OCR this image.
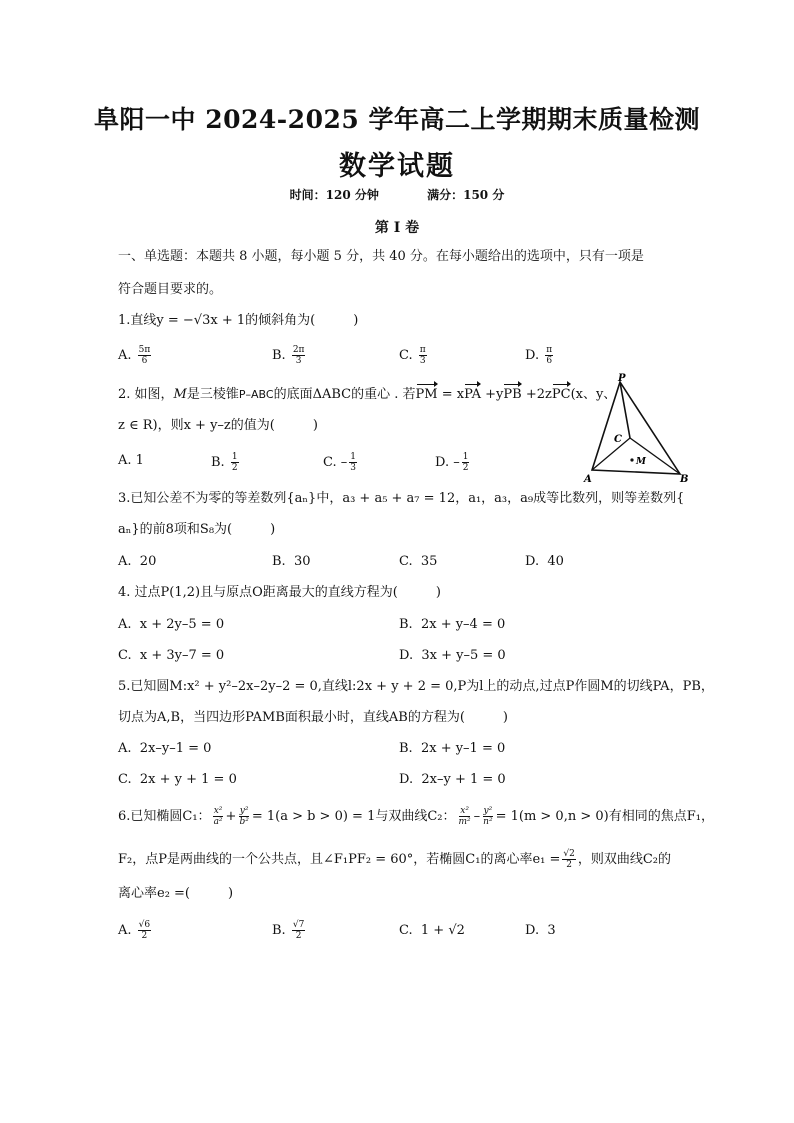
阜阳一中 2024-2025 学年高二上学期期末质量检测
数学试题
时间：120 分钟	满分：150 分
第 I 卷
一、单选题：本题共 8 小题，每小题 5 分，共 40 分。在每小题给出的选项中，只有一项是
符合题目要求的。
1.直线y = −√3x + 1的倾斜角为(	)
A. $\frac{5\pi}{6}$	B. $\frac{2\pi}{3}$	C. $\frac{\pi}{3}$	D. $\frac{\pi}{6}$
2. 如图，M是三棱锥P–ABC的底面ΔABC的重心 . 若PM = xPA +yPB +2zPC(x、y、
z ∈ R)，则x + y–z的值为(	)
A. 1	B. $\frac{1}{2}$	C. – $\frac{1}{3}$	D. – $\frac{1}{2}$
P
C
M
A	B
3.已知公差不为零的等差数列{aₙ}中，a₃ + a₅ + a₇ = 12，a₁，a₃，a₉成等比数列，则等差数列{
aₙ}的前8项和S₈为(	)
A. 20	B. 30	C. 35	D. 40
4. 过点P(1,2)且与原点O距离最大的直线方程为(	)
A. x + 2y–5 = 0	B. 2x + y–4 = 0
C. x + 3y–7 = 0	D. 3x + y–5 = 0
5.已知圆M:x² + y²–2x–2y–2 = 0,直线l:2x + y + 2 = 0,P为l上的动点,过点P作圆M的切线PA，PB，
切点为A,B，当四边形PAMB面积最小时，直线AB的方程为(	)
A. 2x–y–1 = 0	B. 2x + y–1 = 0
C. 2x + y + 1 = 0	D. 2x–y + 1 = 0
6.已知椭圆C₁： $\frac{\text{x²}}{\text{a²}} + \frac{\text{y²}}{\text{b²}} = 1(a > b > 0) = 1$与双曲线C₂： $\frac{\text{x²}}{\text{m²}} - \frac{\text{y²}}{\text{n²}} = 1(m > 0,n > 0)$有相同的焦点F₁，
F₂，点P是两曲线的一个公共点，且∠F₁PF₂ = 60°，若椭圆C₁的离心率$e_1 = \frac{√2}{2}$ ，则双曲线C₂的
离心率e₂ =(	)
A. $\frac{√6}{2}$	B. $\frac{√7}{2}$	C. 1 + √2	D. 3
